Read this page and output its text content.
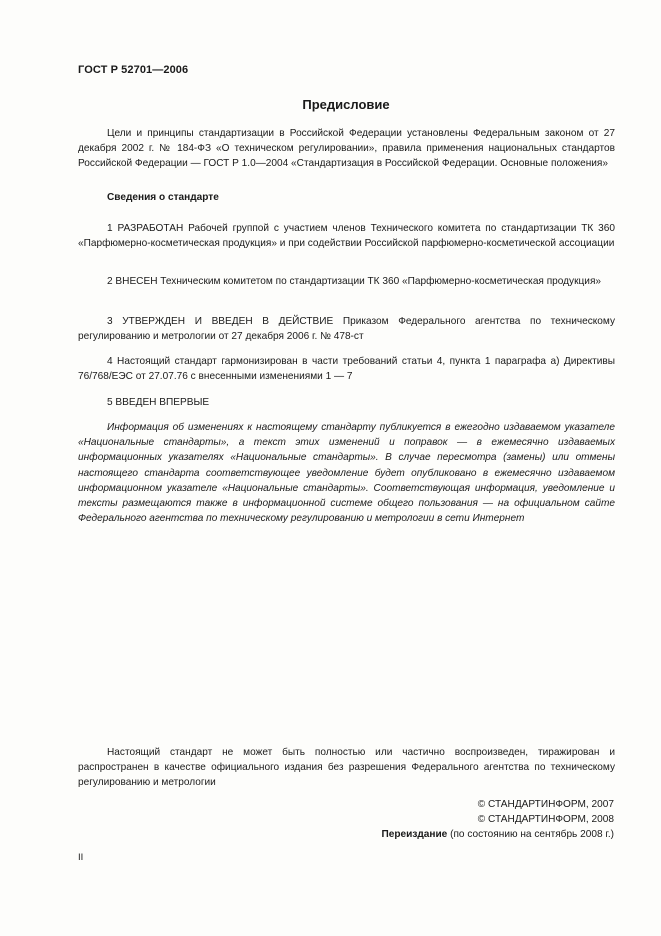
ГОСТ Р 52701—2006
Предисловие

Цели и принципы стандартизации в Российской Федерации установлены Федеральным законом от 27 декабря 2002 г. № 184-ФЗ «О техническом регулировании», правила применения национальных стандартов Российской Федерации — ГОСТ Р 1.0—2004 «Стандартизация в Российской Федерации. Основные положения»

Сведения о стандарте

1 РАЗРАБОТАН Рабочей группой с участием членов Технического комитета по стандартизации ТК 360 «Парфюмерно-косметическая продукция» и при содействии Российской парфюмерно-косметической ассоциации

2 ВНЕСЕН Техническим комитетом по стандартизации ТК 360 «Парфюмерно-косметическая продукция»

3 УТВЕРЖДЕН И ВВЕДЕН В ДЕЙСТВИЕ Приказом Федерального агентства по техническому регулированию и метрологии от 27 декабря 2006 г. № 478-ст

4 Настоящий стандарт гармонизирован в части требований статьи 4, пункта 1 параграфа а) Директивы 76/768/ЕЭС от 27.07.76 с внесенными изменениями 1 — 7

5 ВВЕДЕН ВПЕРВЫЕ

Информация об изменениях к настоящему стандарту публикуется в ежегодно издаваемом указателе «Национальные стандарты», а текст этих изменений и поправок — в ежемесячно издаваемых информационных указателях «Национальные стандарты». В случае пересмотра (замены) или отмены настоящего стандарта соответствующее уведомление будет опубликовано в ежемесячно издаваемом информационном указателе «Национальные стандарты». Соответствующая информация, уведомление и тексты размещаются также в информационной системе общего пользования — на официальном сайте Федерального агентства по техническому регулированию и метрологии в сети Интернет

Настоящий стандарт не может быть полностью или частично воспроизведен, тиражирован и распространен в качестве официального издания без разрешения Федерального агентства по техническому регулированию и метрологии

© СТАНДАРТИНФОРМ, 2007
© СТАНДАРТИНФОРМ, 2008
Переиздание (по состоянию на сентябрь 2008 г.)
II
